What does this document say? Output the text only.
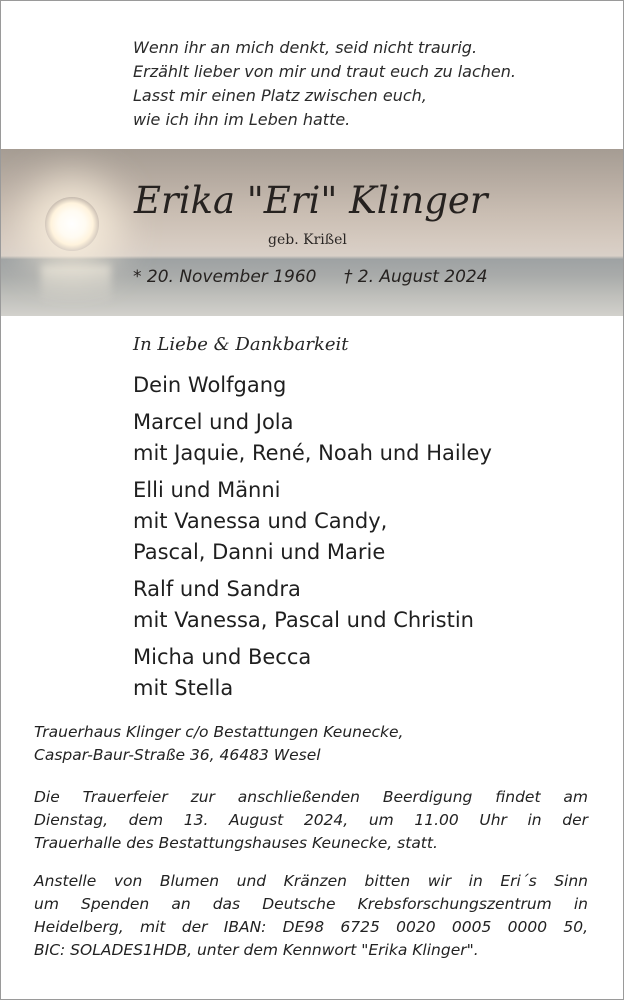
Wenn ihr an mich denkt, seid nicht traurig.
Erzählt lieber von mir und traut euch zu lachen.
Lasst mir einen Platz zwischen euch,
wie ich ihn im Leben hatte.
Erika "Eri" Klinger
geb. Krißel
* 20. November 1960 † 2. August 2024
In Liebe & Dankbarkeit
Dein Wolfgang
Marcel und Jola
mit Jaquie, René, Noah und Hailey
Elli und Männi
mit Vanessa und Candy,
Pascal, Danni und Marie
Ralf und Sandra
mit Vanessa, Pascal und Christin
Micha und Becca
mit Stella
Trauerhaus Klinger c/o Bestattungen Keunecke,
Caspar-Baur-Straße 36, 46483 Wesel
Die Trauerfeier zur anschließenden Beerdigung findet am
Dienstag, dem 13. August 2024, um 11.00 Uhr in der
Trauerhalle des Bestattungshauses Keunecke, statt.
Anstelle von Blumen und Kränzen bitten wir in Eri´s Sinn
um Spenden an das Deutsche Krebsforschungszentrum in
Heidelberg, mit der IBAN: DE98 6725 0020 0005 0000 50,
BIC: SOLADES1HDB, unter dem Kennwort "Erika Klinger".
